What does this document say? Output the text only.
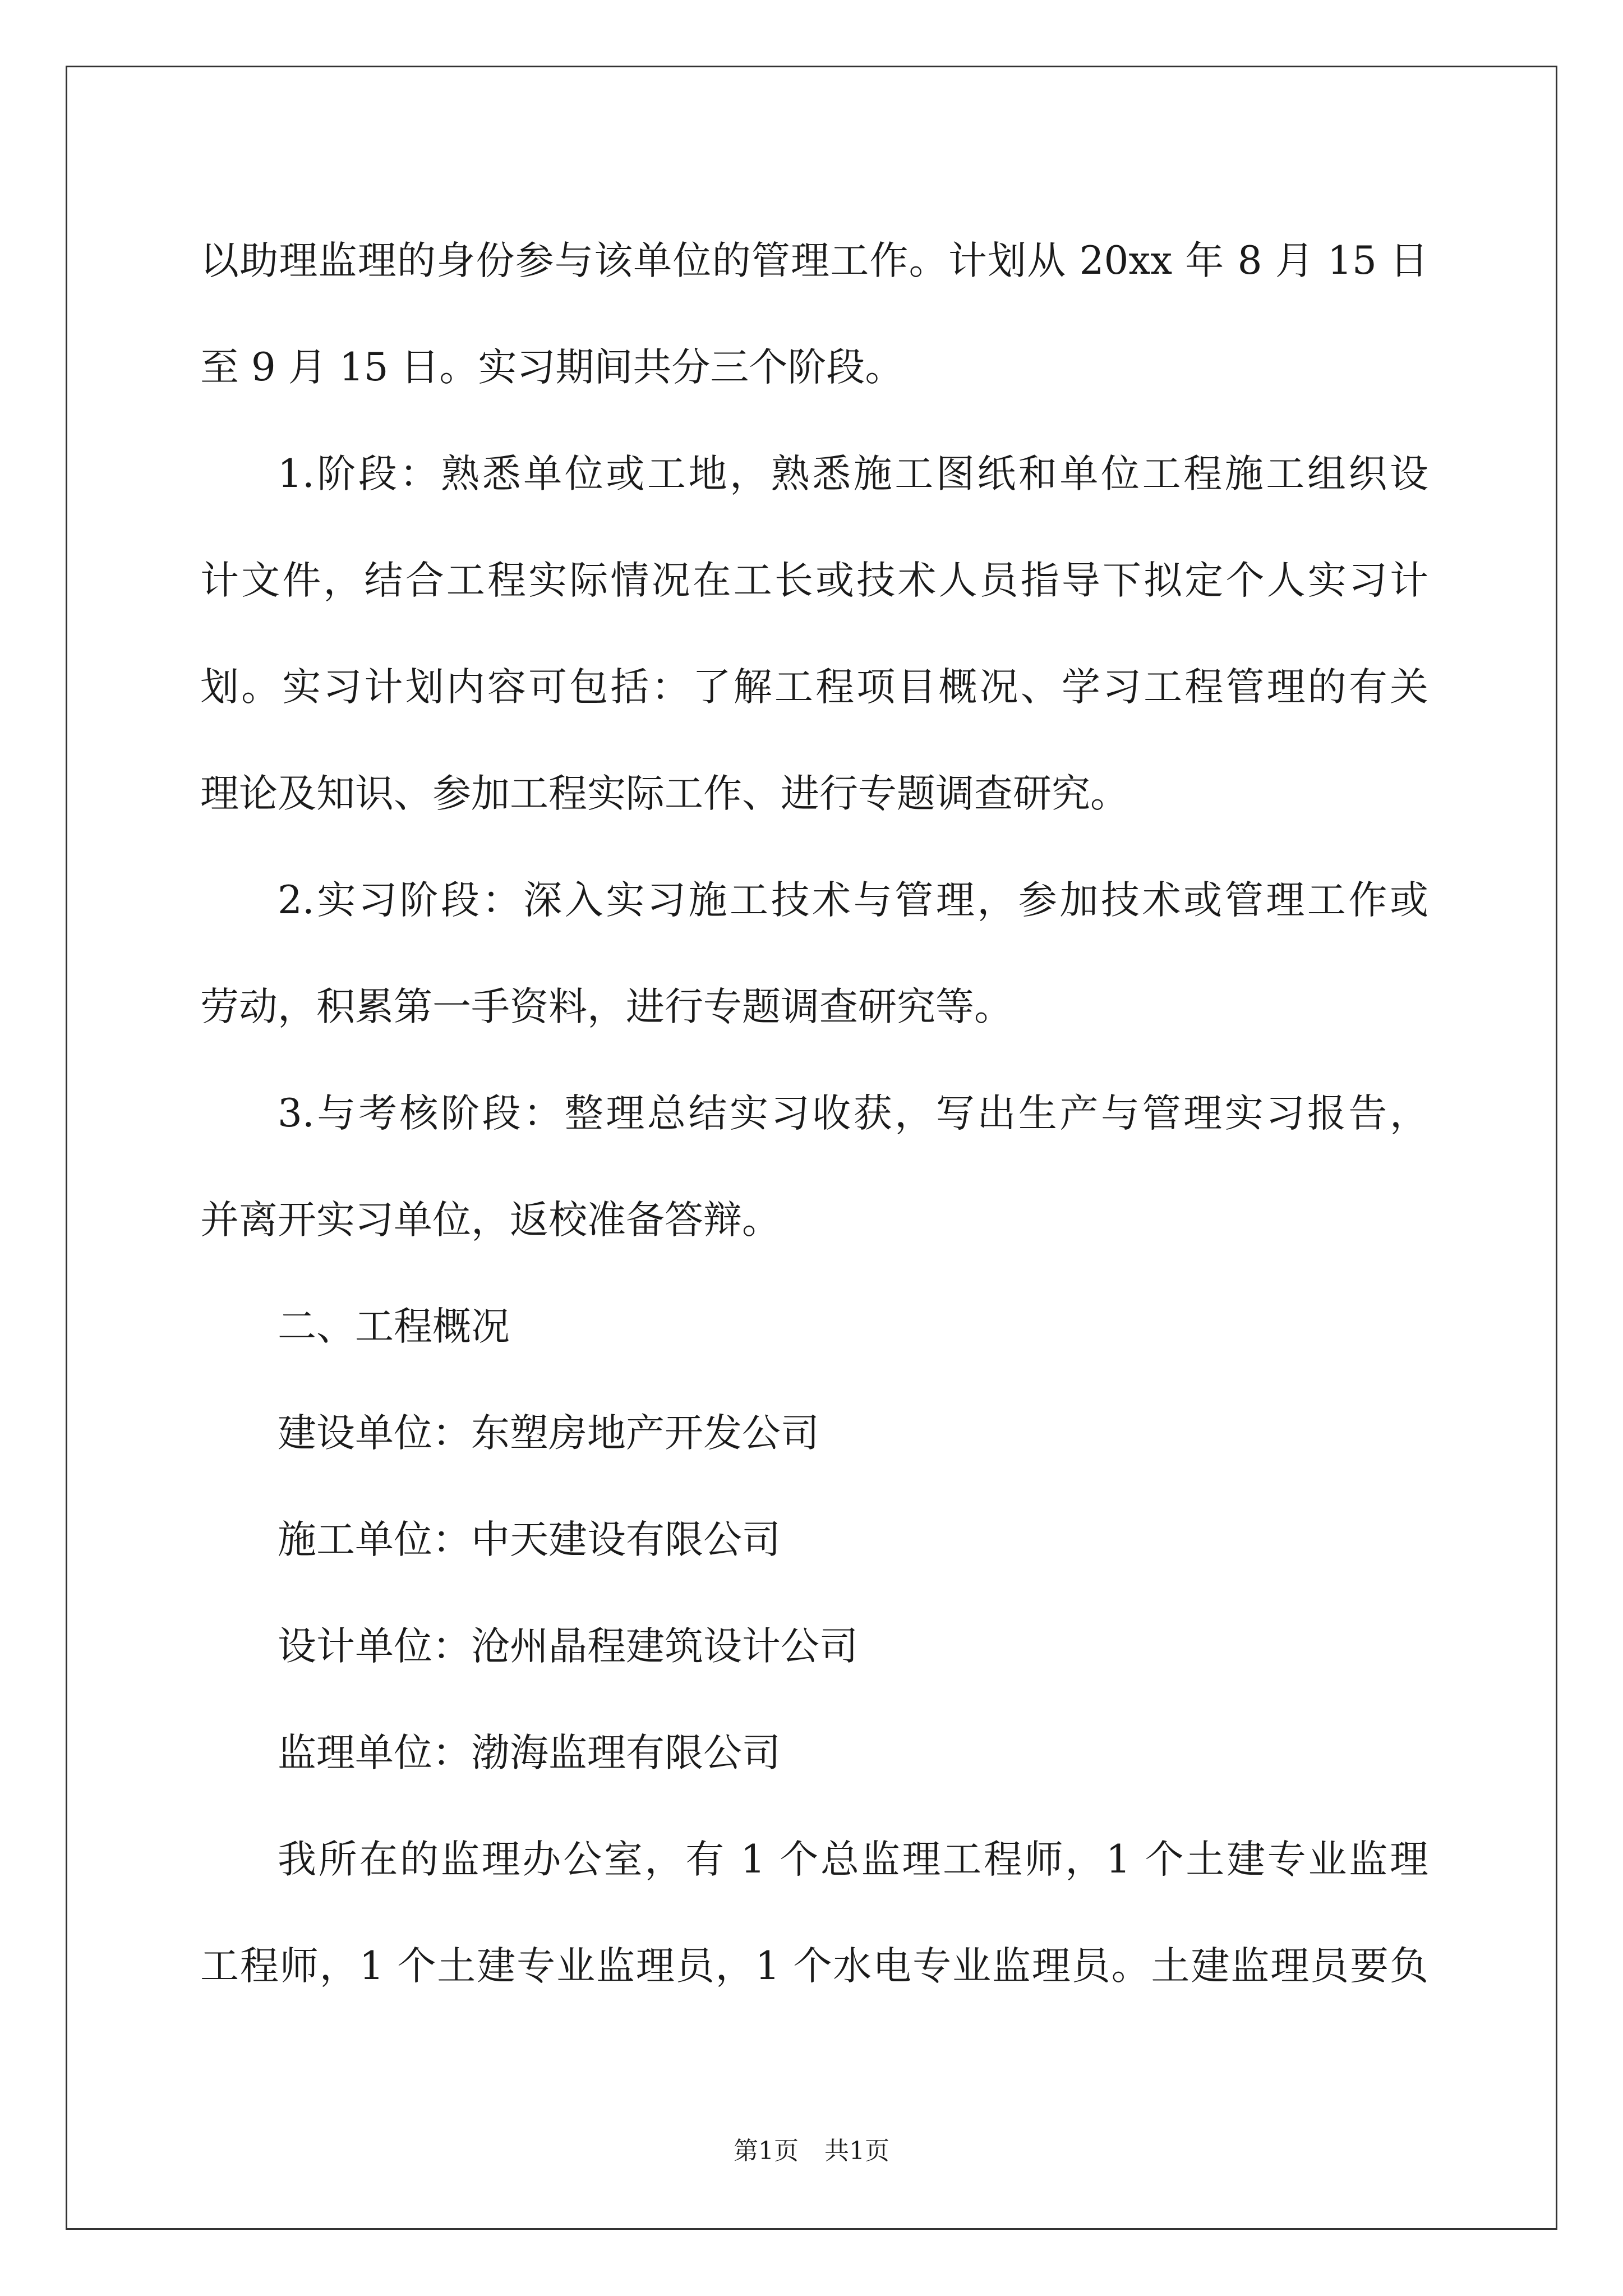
以助理监理的身份参与该单位的管理工作。计划从 20xx 年 8 月 15 日
至 9 月 15 日。实习期间共分三个阶段。
1.阶段：熟悉单位或工地，熟悉施工图纸和单位工程施工组织设
计文件，结合工程实际情况在工长或技术人员指导下拟定个人实习计
划。实习计划内容可包括：了解工程项目概况、学习工程管理的有关
理论及知识、参加工程实际工作、进行专题调查研究。
2.实习阶段：深入实习施工技术与管理，参加技术或管理工作或
劳动，积累第一手资料，进行专题调查研究等。
3.与考核阶段：整理总结实习收获，写出生产与管理实习报告，
并离开实习单位，返校准备答辩。
二、工程概况
建设单位：东塑房地产开发公司
施工单位：中天建设有限公司
设计单位：沧州晶程建筑设计公司
监理单位：渤海监理有限公司
我所在的监理办公室，有 1 个总监理工程师，1 个土建专业监理
工程师，1 个土建专业监理员，1 个水电专业监理员。土建监理员要负
第1页 共1页
